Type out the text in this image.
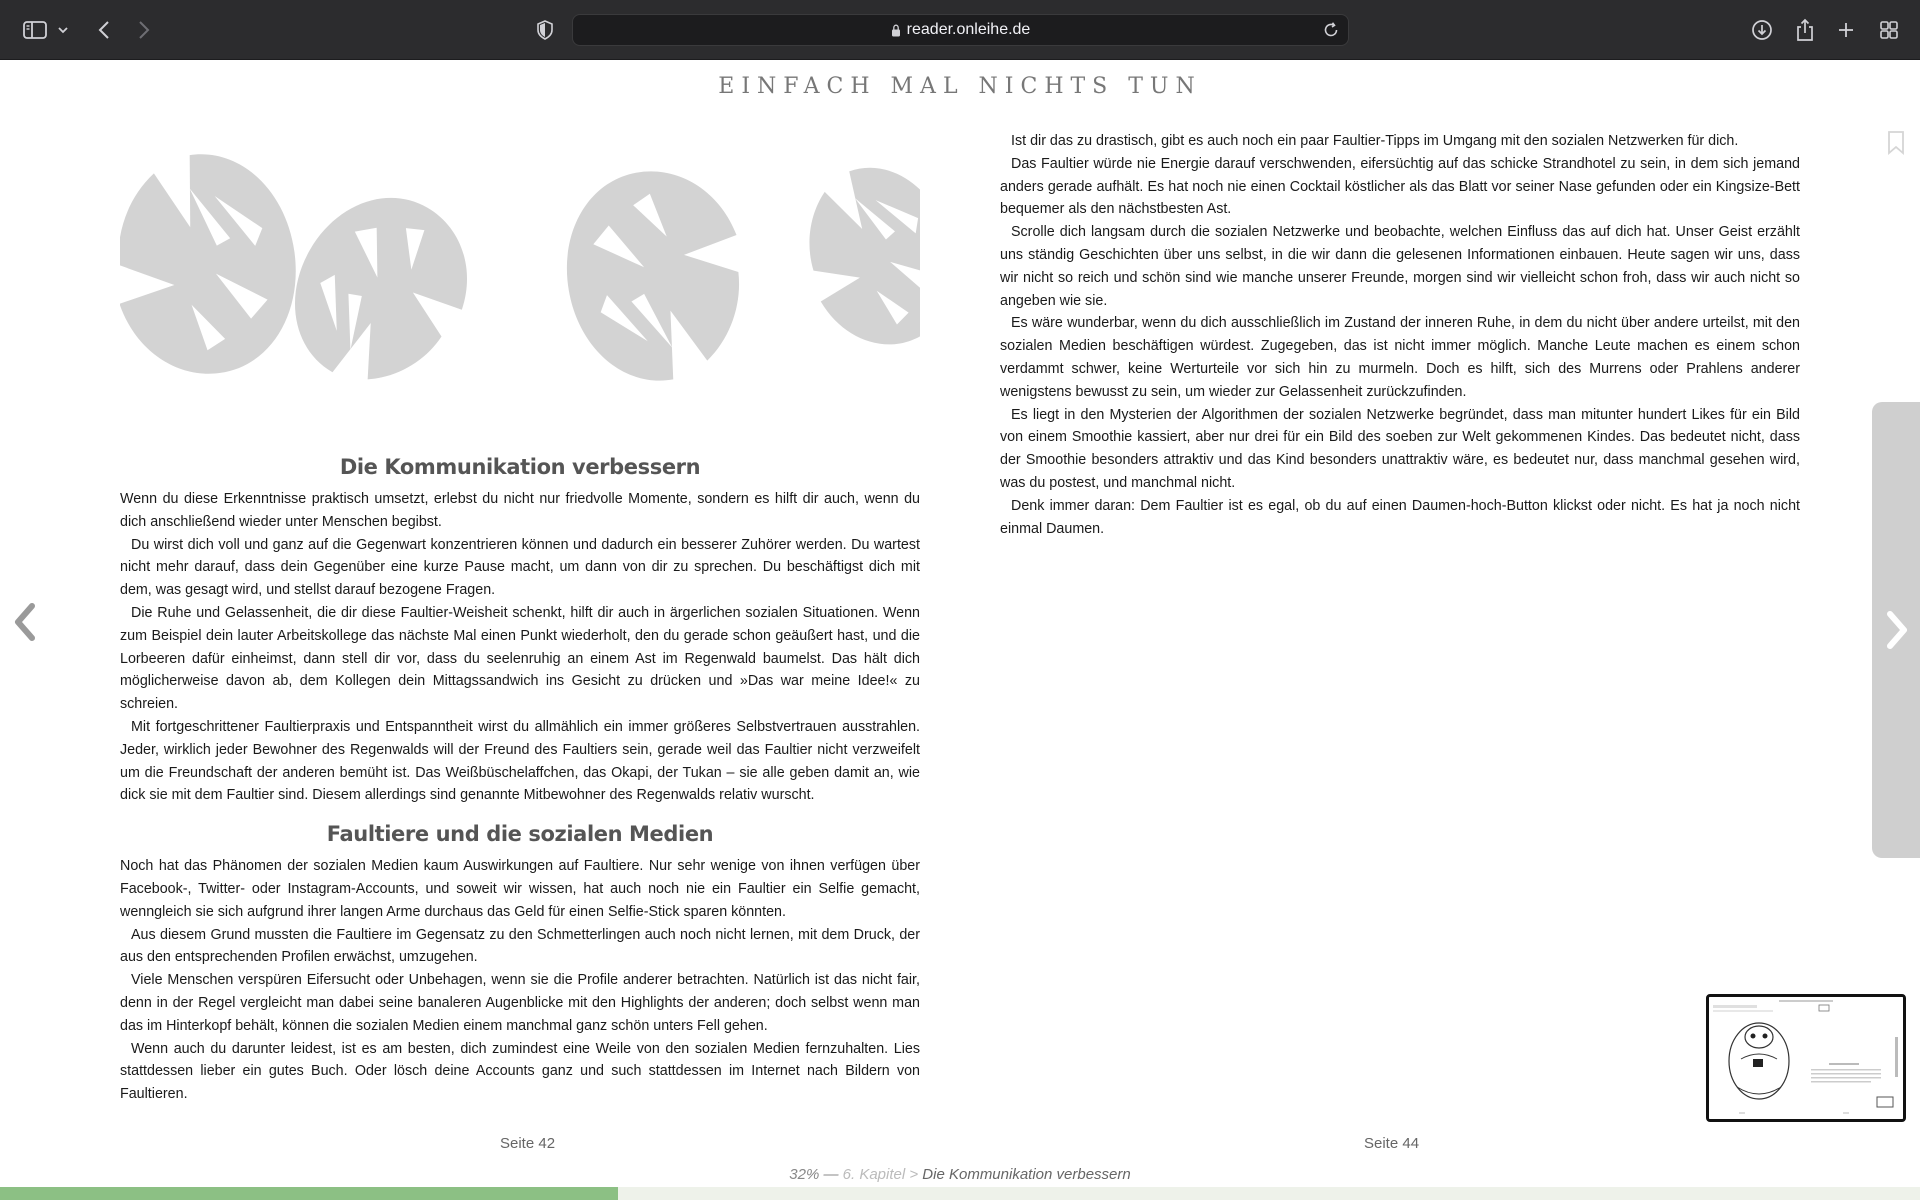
reader.onleihe.de
EINFACH MAL NICHTS TUN
Die Kommunikation verbessern

Wenn du diese Erkenntnisse praktisch umsetzt, erlebst du nicht nur friedvolle Momente, sondern es hilft dir auch, wenn du dich anschließend wieder unter Menschen begibst.

Du wirst dich voll und ganz auf die Gegenwart konzentrieren können und dadurch ein besserer Zuhörer werden. Du wartest nicht mehr darauf, dass dein Gegenüber eine kurze Pause macht, um dann von dir zu sprechen. Du beschäftigst dich mit dem, was gesagt wird, und stellst darauf bezogene Fragen.

Die Ruhe und Gelassenheit, die dir diese Faultier-Weisheit schenkt, hilft dir auch in ärgerlichen sozialen Situationen. Wenn zum Beispiel dein lauter Arbeitskollege das nächste Mal einen Punkt wiederholt, den du gerade schon geäußert hast, und die Lorbeeren dafür einheimst, dann stell dir vor, dass du seelenruhig an einem Ast im Regenwald baumelst. Das hält dich möglicherweise davon ab, dem Kollegen dein Mittagssandwich ins Gesicht zu drücken und »Das war meine Idee!« zu schreien.

Mit fortgeschrittener Faultierpraxis und Entspanntheit wirst du allmählich ein immer größeres Selbstvertrauen ausstrahlen. Jeder, wirklich jeder Bewohner des Regenwalds will der Freund des Faultiers sein, gerade weil das Faultier nicht verzweifelt um die Freundschaft der anderen bemüht ist. Das Weißbüschelaffchen, das Okapi, der Tukan – sie alle geben damit an, wie dick sie mit dem Faultier sind. Diesem allerdings sind genannte Mitbewohner des Regenwalds relativ wurscht.

Faultiere und die sozialen Medien

Noch hat das Phänomen der sozialen Medien kaum Auswirkungen auf Faultiere. Nur sehr wenige von ihnen verfügen über Facebook-, Twitter- oder Instagram-Accounts, und soweit wir wissen, hat auch noch nie ein Faultier ein Selfie gemacht, wenngleich sie sich aufgrund ihrer langen Arme durchaus das Geld für einen Selfie-Stick sparen könnten.

Aus diesem Grund mussten die Faultiere im Gegensatz zu den Schmetterlingen auch noch nicht lernen, mit dem Druck, der aus den entsprechenden Profilen erwächst, umzugehen.

Viele Menschen verspüren Eifersucht oder Unbehagen, wenn sie die Profile anderer betrachten. Natürlich ist das nicht fair, denn in der Regel vergleicht man dabei seine banaleren Augenblicke mit den Highlights der anderen; doch selbst wenn man das im Hinterkopf behält, können die sozialen Medien einem manchmal ganz schön unters Fell gehen.

Wenn auch du darunter leidest, ist es am besten, dich zumindest eine Weile von den sozialen Medien fernzuhalten. Lies stattdessen lieber ein gutes Buch. Oder lösch deine Accounts ganz und such stattdessen im Internet nach Bildern von Faultieren.

Ist dir das zu drastisch, gibt es auch noch ein paar Faultier-Tipps im Umgang mit den sozialen Netzwerken für dich.

Das Faultier würde nie Energie darauf verschwenden, eifersüchtig auf das schicke Strandhotel zu sein, in dem sich jemand anders gerade aufhält. Es hat noch nie einen Cocktail köstlicher als das Blatt vor seiner Nase gefunden oder ein Kingsize-Bett bequemer als den nächstbesten Ast.

Scrolle dich langsam durch die sozialen Netzwerke und beobachte, welchen Einfluss das auf dich hat. Unser Geist erzählt uns ständig Geschichten über uns selbst, in die wir dann die gelesenen Informationen einbauen. Heute sagen wir uns, dass wir nicht so reich und schön sind wie manche unserer Freunde, morgen sind wir vielleicht schon froh, dass wir auch nicht so angeben wie sie.

Es wäre wunderbar, wenn du dich ausschließlich im Zustand der inneren Ruhe, in dem du nicht über andere urteilst, mit den sozialen Medien beschäftigen würdest. Zugegeben, das ist nicht immer möglich. Manche Leute machen es einem schon verdammt schwer, keine Werturteile vor sich hin zu murmeln. Doch es hilft, sich des Murrens oder Prahlens anderer wenigstens bewusst zu sein, um wieder zur Gelassenheit zurückzufinden.

Es liegt in den Mysterien der Algorithmen der sozialen Netzwerke begründet, dass man mitunter hundert Likes für ein Bild von einem Smoothie kassiert, aber nur drei für ein Bild des soeben zur Welt gekommenen Kindes. Das bedeutet nicht, dass der Smoothie besonders attraktiv und das Kind besonders unattraktiv wäre, es bedeutet nur, dass manchmal gesehen wird, was du postest, und manchmal nicht.

Denk immer daran: Dem Faultier ist es egal, ob du auf einen Daumen-hoch-Button klickst oder nicht. Es hat ja noch nicht einmal Daumen.

Seite 42	Seite 44
32% — 6. Kapitel > Die Kommunikation verbessern
